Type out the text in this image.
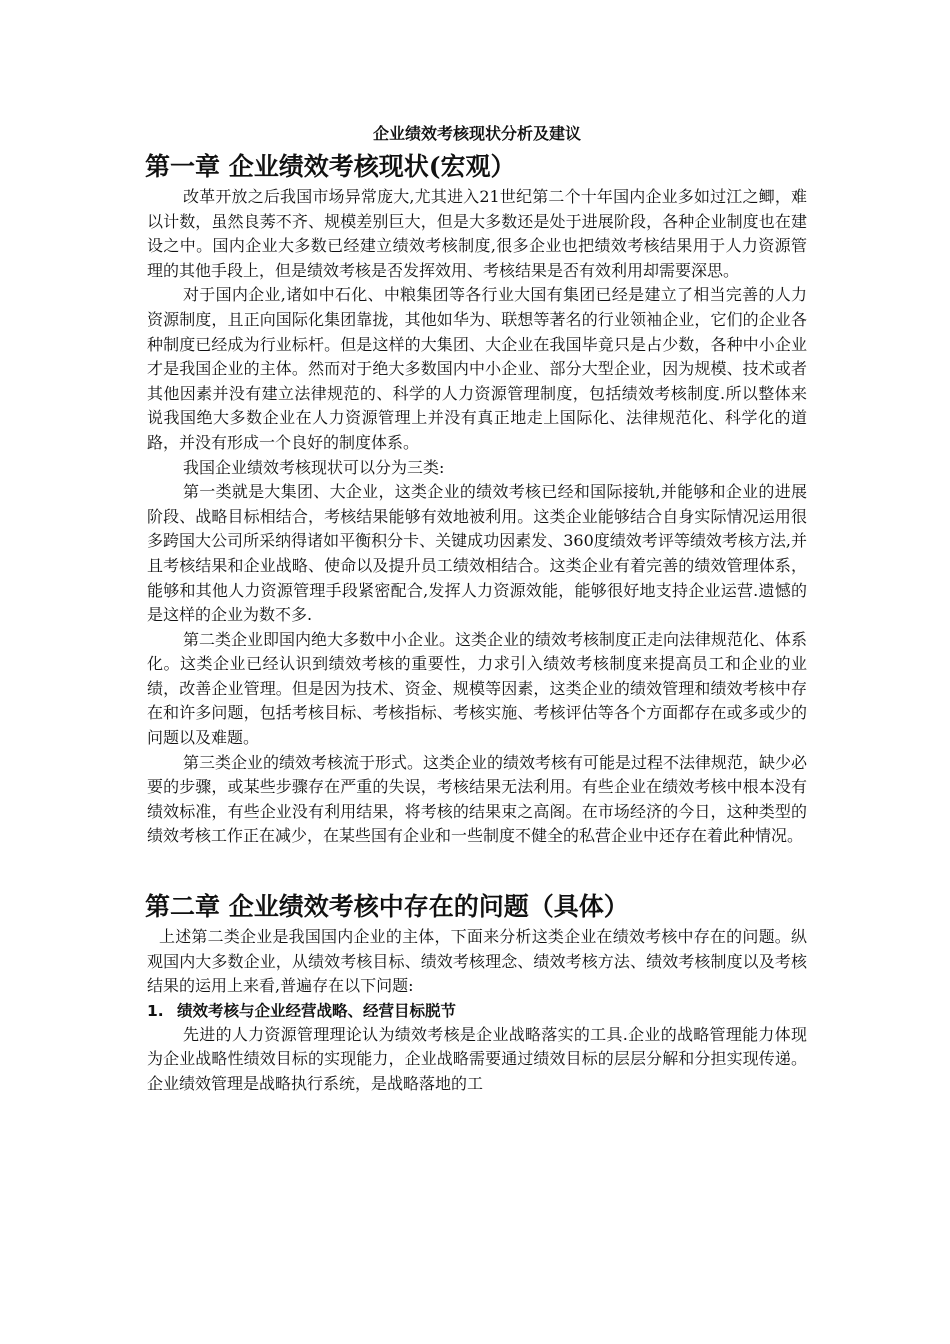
企业绩效考核现状分析及建议
第一章 企业绩效考核现状(宏观）

改革开放之后我国市场异常庞大,尤其进入21世纪第二个十年国内企业多如过江之鲫，难以计数，虽然良莠不齐、规模差别巨大，但是大多数还是处于进展阶段，各种企业制度也在建设之中。国内企业大多数已经建立绩效考核制度,很多企业也把绩效考核结果用于人力资源管理的其他手段上，但是绩效考核是否发挥效用、考核结果是否有效利用却需要深思。

对于国内企业,诸如中石化、中粮集团等各行业大国有集团已经是建立了相当完善的人力资源制度，且正向国际化集团靠拢，其他如华为、联想等著名的行业领袖企业，它们的企业各种制度已经成为行业标杆。但是这样的大集团、大企业在我国毕竟只是占少数，各种中小企业才是我国企业的主体。然而对于绝大多数国内中小企业、部分大型企业，因为规模、技术或者其他因素并没有建立法律规范的、科学的人力资源管理制度，包括绩效考核制度.所以整体来说我国绝大多数企业在人力资源管理上并没有真正地走上国际化、法律规范化、科学化的道路，并没有形成一个良好的制度体系。

我国企业绩效考核现状可以分为三类:

第一类就是大集团、大企业，这类企业的绩效考核已经和国际接轨,并能够和企业的进展阶段、战略目标相结合，考核结果能够有效地被利用。这类企业能够结合自身实际情况运用很多跨国大公司所采纳得诸如平衡积分卡、关键成功因素发、360度绩效考评等绩效考核方法,并且考核结果和企业战略、使命以及提升员工绩效相结合。这类企业有着完善的绩效管理体系，能够和其他人力资源管理手段紧密配合,发挥人力资源效能，能够很好地支持企业运营.遗憾的是这样的企业为数不多.

第二类企业即国内绝大多数中小企业。这类企业的绩效考核制度正走向法律规范化、体系化。这类企业已经认识到绩效考核的重要性，力求引入绩效考核制度来提高员工和企业的业绩，改善企业管理。但是因为技术、资金、规模等因素，这类企业的绩效管理和绩效考核中存在和许多问题，包括考核目标、考核指标、考核实施、考核评估等各个方面都存在或多或少的问题以及难题。

第三类企业的绩效考核流于形式。这类企业的绩效考核有可能是过程不法律规范，缺少必要的步骤，或某些步骤存在严重的失误，考核结果无法利用。有些企业在绩效考核中根本没有绩效标准，有些企业没有利用结果，将考核的结果束之高阁。在市场经济的今日，这种类型的绩效考核工作正在减少，在某些国有企业和一些制度不健全的私营企业中还存在着此种情况。

第二章 企业绩效考核中存在的问题（具体）

上述第二类企业是我国国内企业的主体，下面来分析这类企业在绩效考核中存在的问题。纵观国内大多数企业，从绩效考核目标、绩效考核理念、绩效考核方法、绩效考核制度以及考核结果的运用上来看,普遍存在以下问题:

1. 绩效考核与企业经营战略、经营目标脱节

先进的人力资源管理理论认为绩效考核是企业战略落实的工具.企业的战略管理能力体现为企业战略性绩效目标的实现能力，企业战略需要通过绩效目标的层层分解和分担实现传递。企业绩效管理是战略执行系统，是战略落地的工
